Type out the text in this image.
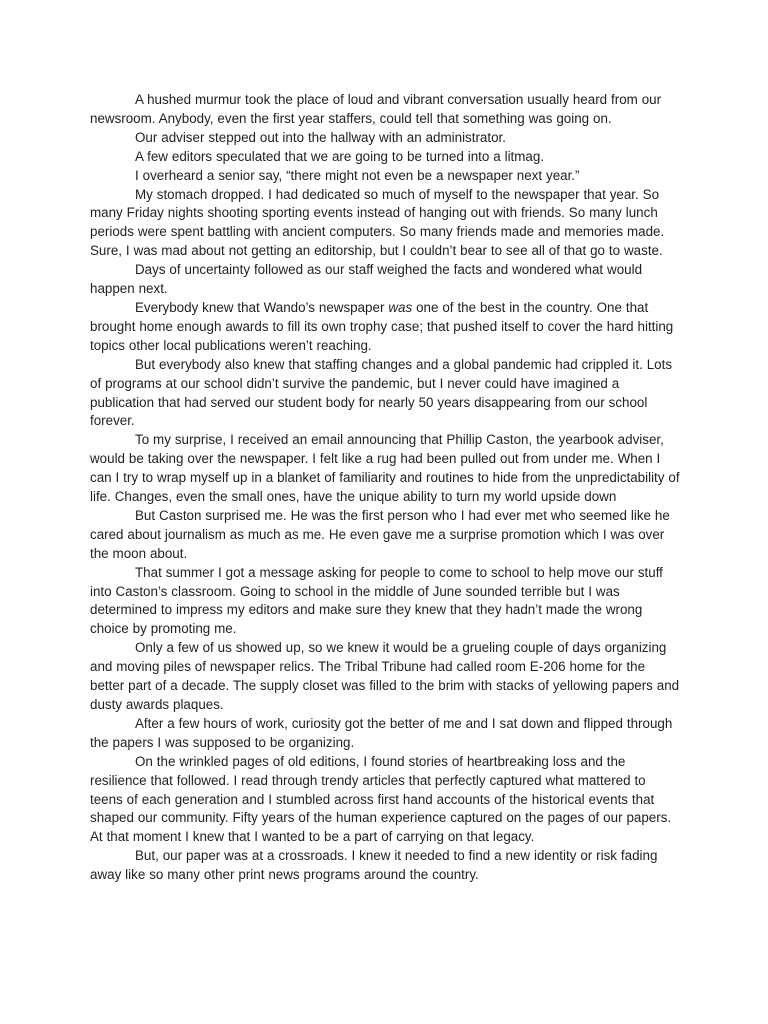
A hushed murmur took the place of loud and vibrant conversation usually heard from our newsroom. Anybody, even the first year staffers, could tell that something was going on.

Our adviser stepped out into the hallway with an administrator.

A few editors speculated that we are going to be turned into a litmag.

I overheard a senior say, “there might not even be a newspaper next year.”

My stomach dropped. I had dedicated so much of myself to the newspaper that year. So many Friday nights shooting sporting events instead of hanging out with friends. So many lunch periods were spent battling with ancient computers. So many friends made and memories made. Sure, I was mad about not getting an editorship, but I couldn’t bear to see all of that go to waste.

Days of uncertainty followed as our staff weighed the facts and wondered what would happen next.

Everybody knew that Wando’s newspaper was one of the best in the country. One that brought home enough awards to fill its own trophy case; that pushed itself to cover the hard hitting topics other local publications weren’t reaching.

But everybody also knew that staffing changes and a global pandemic had crippled it. Lots of programs at our school didn’t survive the pandemic, but I never could have imagined a publication that had served our student body for nearly 50 years disappearing from our school forever.

To my surprise, I received an email announcing that Phillip Caston, the yearbook adviser, would be taking over the newspaper. I felt like a rug had been pulled out from under me. When I can I try to wrap myself up in a blanket of familiarity and routines to hide from the unpredictability of life. Changes, even the small ones, have the unique ability to turn my world upside down

But Caston surprised me. He was the first person who I had ever met who seemed like he cared about journalism as much as me. He even gave me a surprise promotion which I was over the moon about.

That summer I got a message asking for people to come to school to help move our stuff into Caston’s classroom. Going to school in the middle of June sounded terrible but I was determined to impress my editors and make sure they knew that they hadn’t made the wrong choice by promoting me.

Only a few of us showed up, so we knew it would be a grueling couple of days organizing and moving piles of newspaper relics. The Tribal Tribune had called room E-206 home for the better part of a decade. The supply closet was filled to the brim with stacks of yellowing papers and dusty awards plaques.

After a few hours of work, curiosity got the better of me and I sat down and flipped through the papers I was supposed to be organizing.

On the wrinkled pages of old editions, I found stories of heartbreaking loss and the resilience that followed. I read through trendy articles that perfectly captured what mattered to teens of each generation and I stumbled across first hand accounts of the historical events that shaped our community. Fifty years of the human experience captured on the pages of our papers. At that moment I knew that I wanted to be a part of carrying on that legacy.

But, our paper was at a crossroads. I knew it needed to find a new identity or risk fading away like so many other print news programs around the country.
